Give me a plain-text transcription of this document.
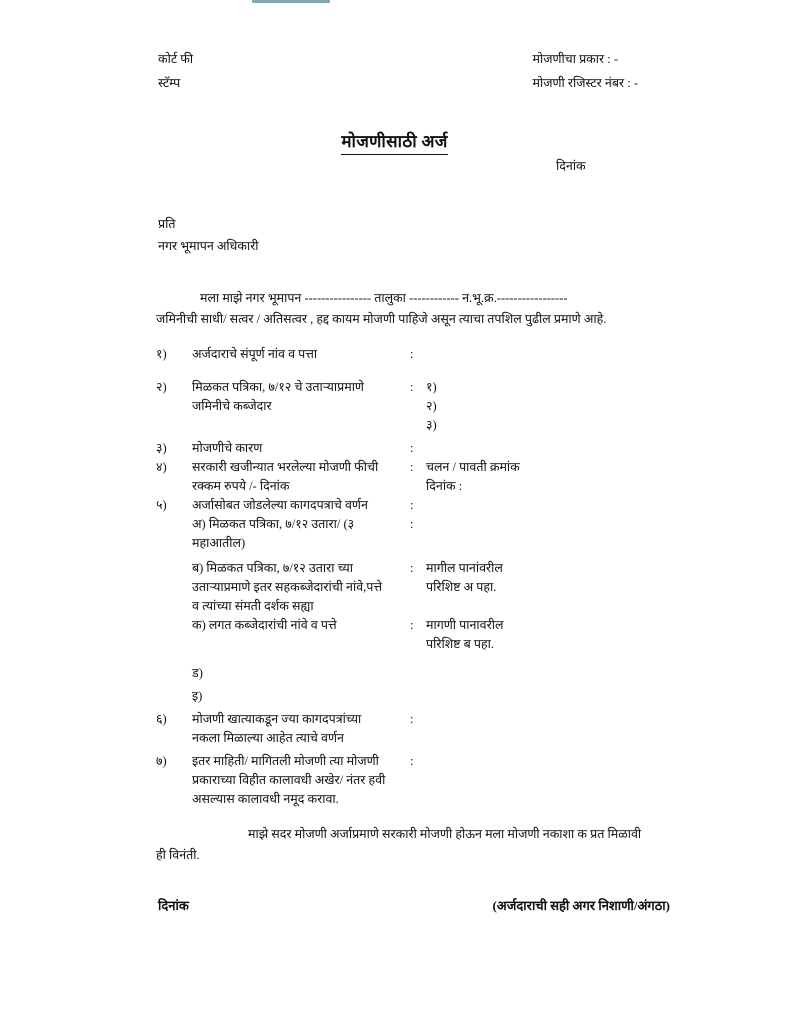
कोर्ट फी
स्टॅम्प
मोजणीचा प्रकार : -
मोजणी रजिस्टर नंबर : -
मोजणीसाठी अर्ज
दिनांक
प्रति
नगर भूमापन अधिकारी
मला माझे नगर भूमापन ---------------- तालुका ------------ न.भू.क्र.-----------------
जमिनीची साधी/ सत्वर / अतिसत्वर , हद्द कायम मोजणी पाहिजे असून त्याचा तपशिल पुढील प्रमाणे आहे.
१)	अर्जदाराचे संपूर्ण नांव व पत्ता	:
२)	मिळकत पत्रिका, ७/१२ चे उताऱ्याप्रमाणे
जमिनीचे कब्जेदार
:	१)
२)
३)
३)	मोजणीचे कारण	:
४)	सरकारी खजीन्यात भरलेल्या मोजणी फीची
रक्कम रुपये /- दिनांक
:	चलन / पावती क्रमांक
दिनांक :
५)	अर्जासोबत जोडलेल्या कागदपत्राचे वर्णन	:
अ) मिळकत पत्रिका, ७/१२ उतारा/ (३
महाआतील)
:
ब) मिळकत पत्रिका, ७/१२ उतारा च्या
उताऱ्याप्रमाणे इतर सहकब्जेदारांची नांवे,पत्ते
व त्यांच्या संमती दर्शक सह्या
:	मागील पानांवरील
परिशिष्ट अ पहा.
क) लगत कब्जेदारांची नांवे व पत्ते	:	मागणी पानावरील
परिशिष्ट ब पहा.
ड)
इ)
६)	मोजणी खात्याकडून ज्या कागदपत्रांच्या
नकला मिळाल्या आहेत त्याचे वर्णन
:
७)	इतर माहिती/ मागितली मोजणी त्या मोजणी
प्रकाराच्या विहीत कालावधी अखेर/ नंतर हवी
असल्यास कालावधी नमूद करावा.
:
माझे सदर मोजणी अर्जाप्रमाणे सरकारी मोजणी होऊन मला मोजणी नकाशा क प्रत मिळावी
ही विनंती.
दिनांक	(अर्जदाराची सही अगर निशाणी/अंगठा)
